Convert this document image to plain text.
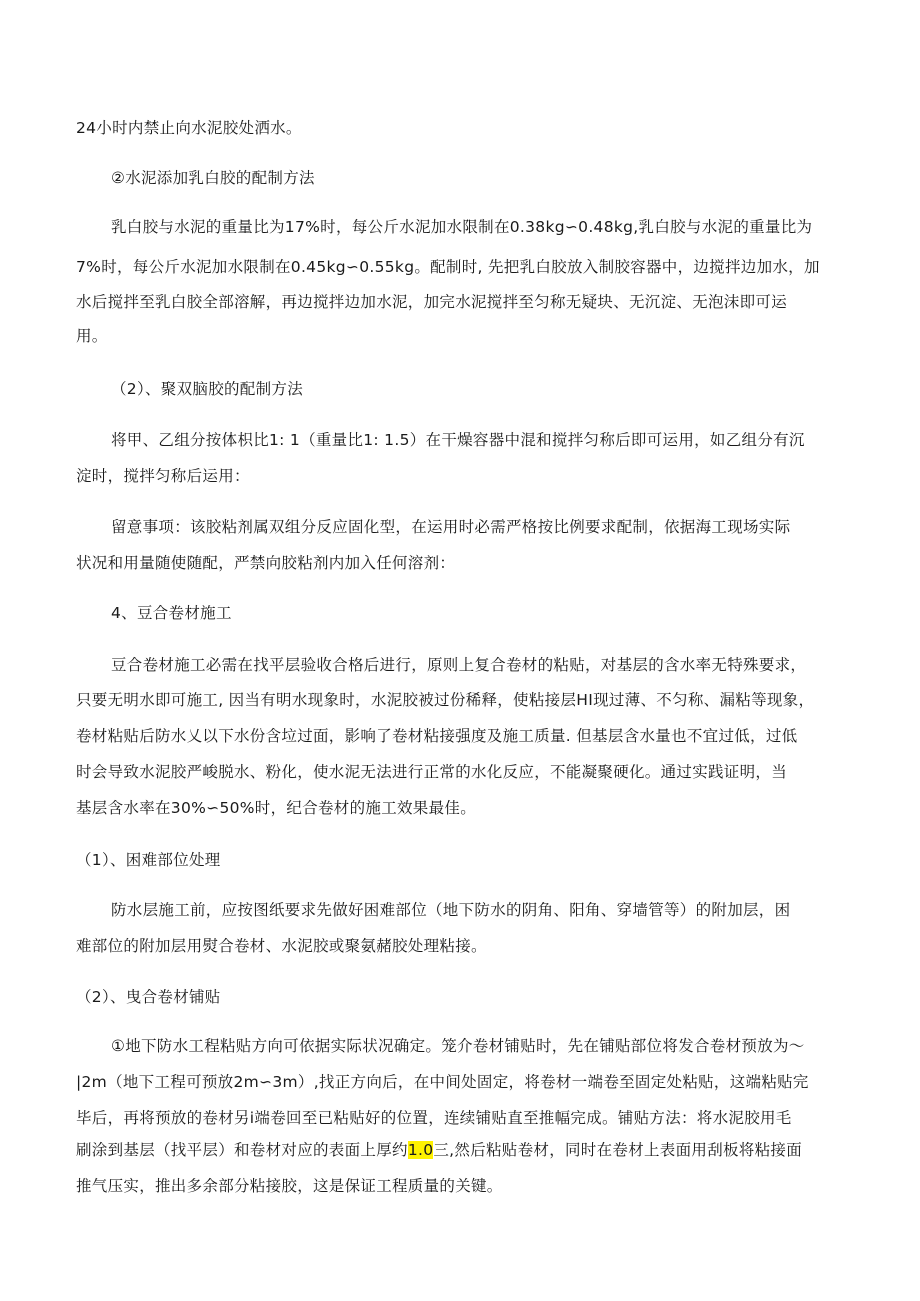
24小时内禁止向水泥胶处洒水。
②水泥添加乳白胶的配制方法
乳白胶与水泥的重量比为17%时，每公斤水泥加水限制在0.38kg∽0.48kg,乳白胶与水泥的重量比为
7%时，每公斤水泥加水限制在0.45kg∽0.55kg。配制时, 先把乳白胶放入制胶容器中，边搅拌边加水，加
水后搅拌至乳白胶全部溶解，再边搅拌边加水泥，加完水泥搅拌至匀称无疑块、无沉淀、无泡沫即可运
用。
（2）、聚双脑胶的配制方法
将甲、乙组分按体枳比1: 1（重量比1: 1.5）在干燥容器中混和搅拌匀称后即可运用，如乙组分有沉
淀时，搅拌匀称后运用：
留意事项：该胶粘剂属双组分反应固化型，在运用时必需严格按比例要求配制，依据海工现场实际
状况和用量随使随配，严禁向胶粘剂内加入任何溶剂：
4、豆合卷材施工
豆合卷材施工必需在找平层验收合格后进行，原则上复合卷材的粘贴，对基层的含水率无特殊要求，
只要无明水即可施工, 因当有明水现象时，水泥胶被过份稀释，使粘接层HI现过薄、不匀称、漏粘等现象，
卷材粘贴后防水乂以下水份含垃过面，影响了卷材粘接强度及施工质量. 但基层含水量也不宜过低，过低
时会导致水泥胶严峻脱水、粉化，使水泥无法进行正常的水化反应，不能凝聚硬化。通过实践证明，当
基层含水率在30%∽50%时，纪合卷材的施工效果最佳。
（1）、困难部位处理
防水层施工前，应按图纸要求先做好困难部位（地下防水的阴角、阳角、穿墙管等）的附加层，困
难部位的附加层用熨合卷材、水泥胶或聚氨赭胶处理粘接。
（2）、曳合卷材铺贴
①地下防水工程粘贴方向可依据实际状况确定。笼介卷材铺贴时，先在铺贴部位将发合卷材预放为〜
|2m（地下工程可预放2m∽3m）,找正方向后，在中间处固定，将卷材一端卷至固定处粘贴，这端粘贴完
毕后，再将预放的卷材另i端卷回至已粘贴好的位置，连续铺贴直至推幅完成。铺贴方法：将水泥胶用毛
刷涂到基层（找平层）和卷材对应的表面上厚约1.0三,然后粘贴卷材，同时在卷材上表面用刮板将粘接面
推气压实，推出多余部分粘接胶，这是保证工程质量的关键。
